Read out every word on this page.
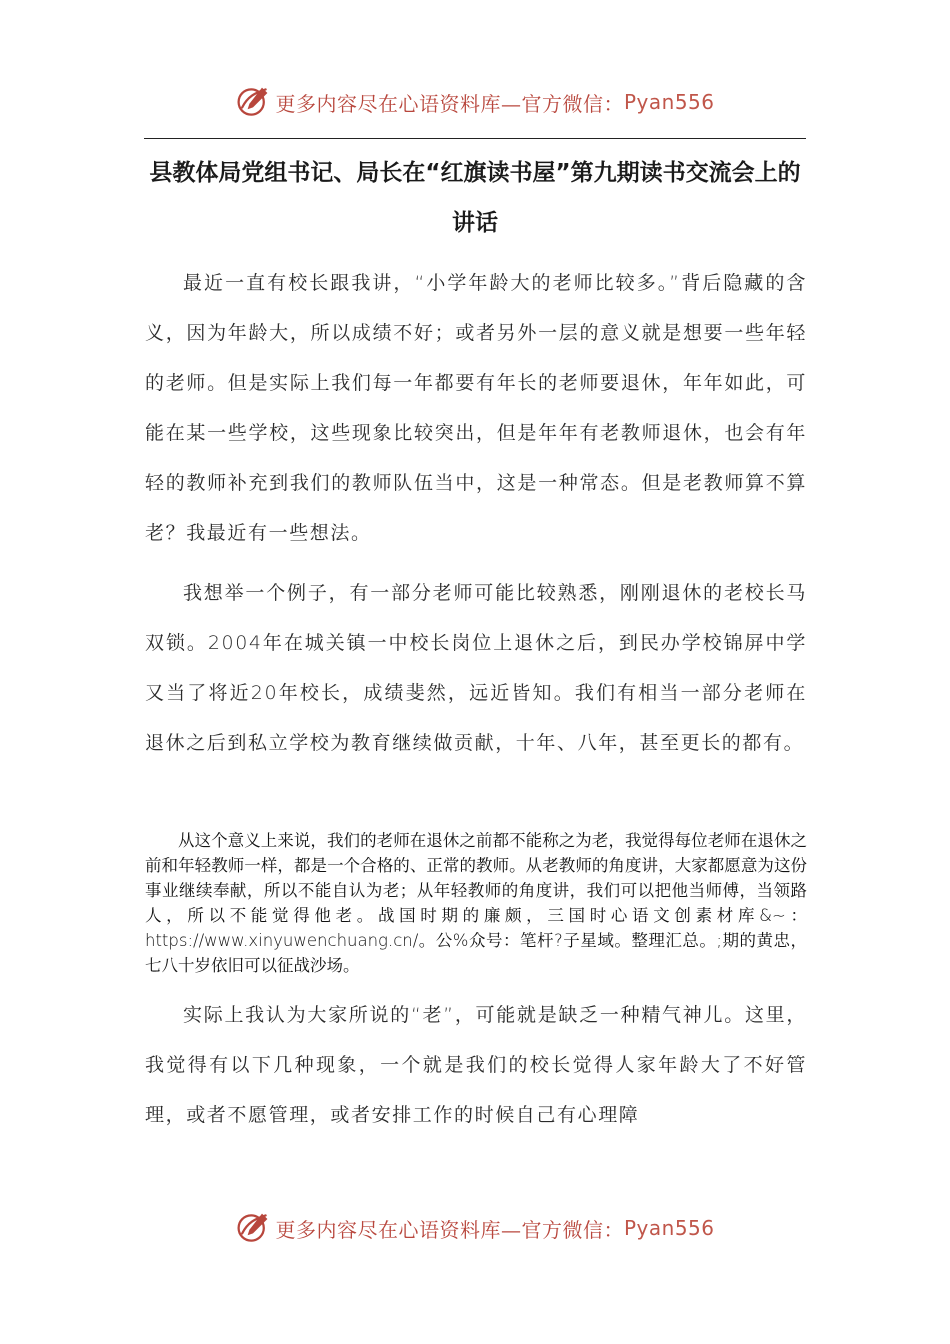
更多内容尽在心语资料库—官方微信： Pyan556
县教体局党组书记、局长在“红旗读书屋”第九期读书交流会上的讲话

最近一直有校长跟我讲，“小学年龄大的老师比较多。”背后隐藏的含义，因为年龄大，所以成绩不好；或者另外一层的意义就是想要一些年轻的老师。但是实际上我们每一年都要有年长的老师要退休，年年如此，可能在某一些学校，这些现象比较突出，但是年年有老教师退休，也会有年轻的教师补充到我们的教师队伍当中，这是一种常态。但是老教师算不算老？我最近有一些想法。

我想举一个例子，有一部分老师可能比较熟悉，刚刚退休的老校长马双锁。2004年在城关镇一中校长岗位上退休之后，到民办学校锦屏中学又当了将近20年校长，成绩斐然，远近皆知。我们有相当一部分老师在退休之后到私立学校为教育继续做贡献，十年、八年，甚至更长的都有。

从这个意义上来说，我们的老师在退休之前都不能称之为老，我觉得每位老师在退休之前和年轻教师一样，都是一个合格的、正常的教师。从老教师的角度讲，大家都愿意为这份事业继续奉献，所以不能自认为老；从年轻教师的角度讲，我们可以把他当师傅，当领路人，所以不能觉得他老。战国时期的廉颇，三国时心语文创素材库&~：https://www.xinyuwenchuang.cn/。公%众号：笔杆?子星域。整理汇总。;期的黄忠，七八十岁依旧可以征战沙场。

实际上我认为大家所说的“老”，可能就是缺乏一种精气神儿。这里，我觉得有以下几种现象，一个就是我们的校长觉得人家年龄大了不好管理，或者不愿管理，或者安排工作的时候自己有心理障

更多内容尽在心语资料库—官方微信： Pyan556
